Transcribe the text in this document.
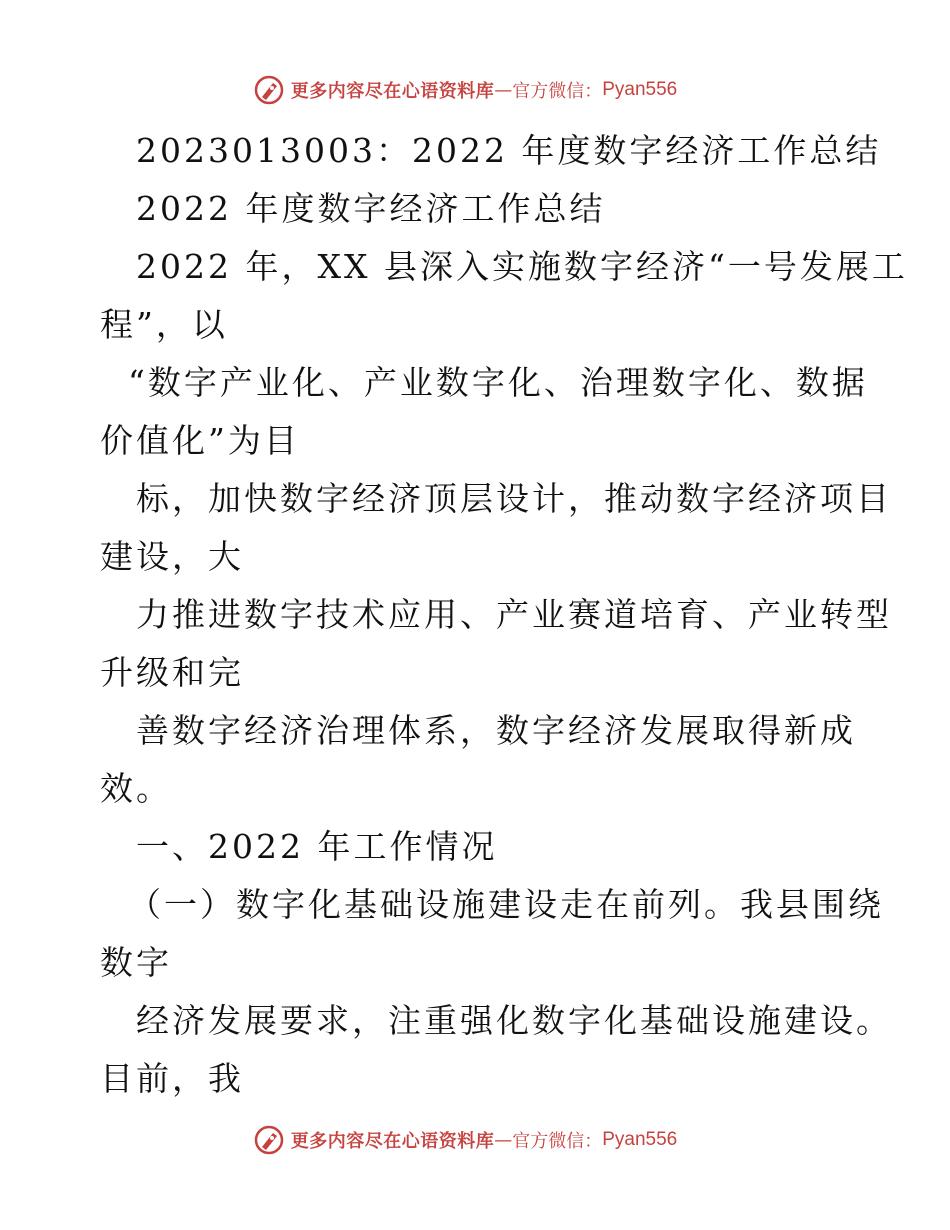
更多内容尽在心语资料库 — 官方微信： Pyan556
2023013003：2022 年度数字经济工作总结
2022 年度数字经济工作总结
2022 年，XX 县深入实施数字经济“一号发展工
程”，以
“数字产业化、产业数字化、治理数字化、数据
价值化”为目
标，加快数字经济顶层设计，推动数字经济项目
建设，大
力推进数字技术应用、产业赛道培育、产业转型
升级和完
善数字经济治理体系，数字经济发展取得新成
效。
一、2022 年工作情况
（一）数字化基础设施建设走在前列。我县围绕
数字
经济发展要求，注重强化数字化基础设施建设。
目前，我
更多内容尽在心语资料库 — 官方微信： Pyan556
